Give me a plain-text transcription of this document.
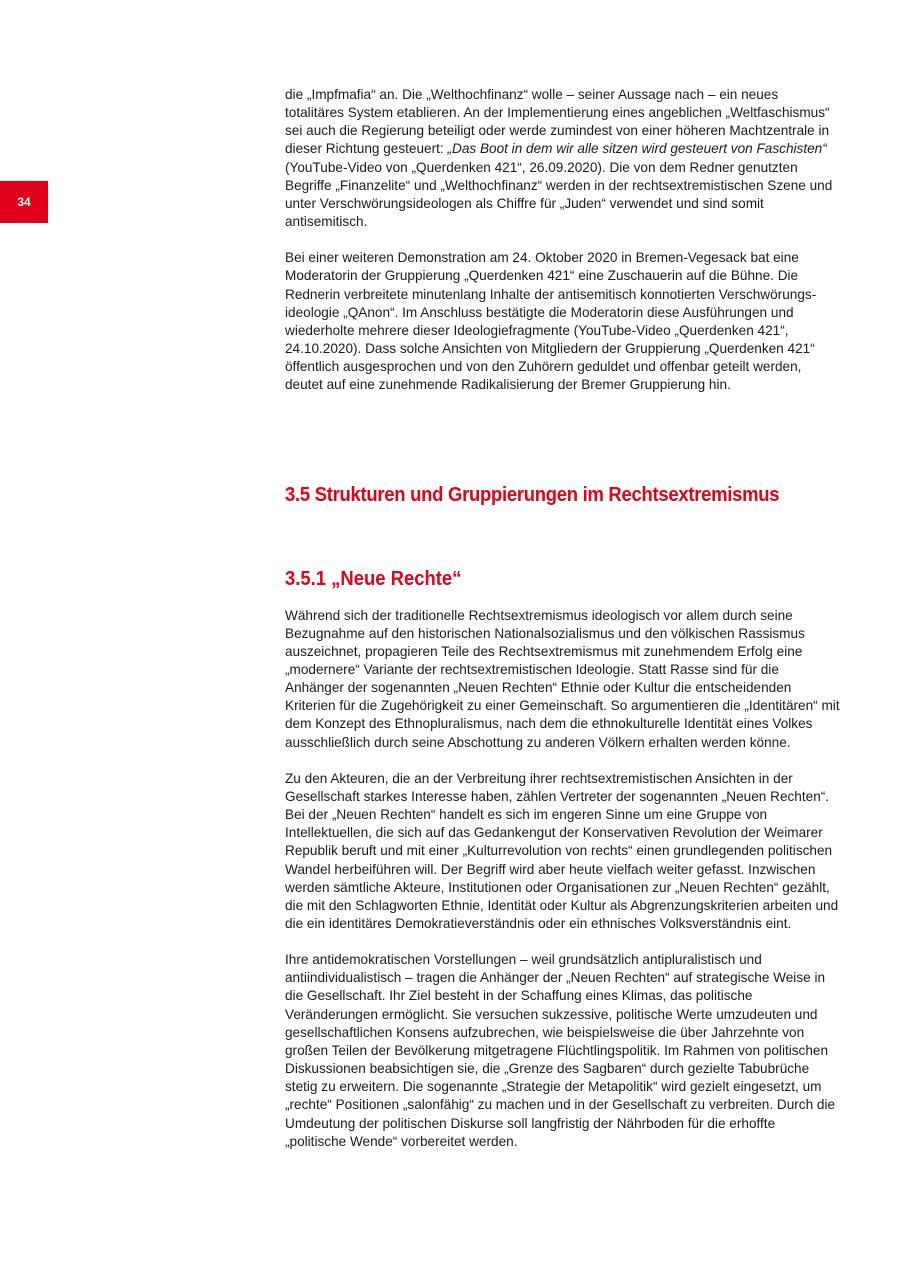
34

die „Impfmafia“ an. Die „Welthochfinanz“ wolle – seiner Aussage nach – ein neues totalitäres System etablieren. An der Implementierung eines angeblichen „Weltfaschismus“ sei auch die Regierung beteiligt oder werde zumindest von einer höheren Machtzentrale in dieser Richtung gesteuert: „Das Boot in dem wir alle sitzen wird gesteuert von Faschisten“ (YouTube-Video von „Querdenken 421“, 26.09.2020). Die von dem Redner genutzten Begriffe „Finanzelite“ und „Welthochfinanz“ werden in der rechtsextremistischen Szene und unter Verschwörungsideologen als Chiffre für „Juden“ verwendet und sind somit antisemitisch.

Bei einer weiteren Demonstration am 24. Oktober 2020 in Bremen-Vegesack bat eine Moderatorin der Gruppierung „Querdenken 421“ eine Zuschauerin auf die Bühne. Die Rednerin verbreitete minutenlang Inhalte der antisemitisch konnotierten Verschwörungsideologie „QAnon“. Im Anschluss bestätigte die Moderatorin diese Ausführungen und wiederholte mehrere dieser Ideologiefragmente (YouTube-Video „Querdenken 421“, 24.10.2020). Dass solche Ansichten von Mitgliedern der Gruppierung „Querdenken 421“ öffentlich ausgesprochen und von den Zuhörern geduldet und offenbar geteilt werden, deutet auf eine zunehmende Radikalisierung der Bremer Gruppierung hin.

3.5 Strukturen und Gruppierungen im Rechtsextremismus
3.5.1 „Neue Rechte“

Während sich der traditionelle Rechtsextremismus ideologisch vor allem durch seine Bezugnahme auf den historischen Nationalsozialismus und den völkischen Rassismus auszeichnet, propagieren Teile des Rechtsextremismus mit zunehmendem Erfolg eine „modernere“ Variante der rechtsextremistischen Ideologie. Statt Rasse sind für die Anhänger der sogenannten „Neuen Rechten“ Ethnie oder Kultur die entscheidenden Kriterien für die Zugehörigkeit zu einer Gemeinschaft. So argumentieren die „Identitären“ mit dem Konzept des Ethnopluralismus, nach dem die ethnokulturelle Identität eines Volkes ausschließlich durch seine Abschottung zu anderen Völkern erhalten werden könne.

Zu den Akteuren, die an der Verbreitung ihrer rechtsextremistischen Ansichten in der Gesellschaft starkes Interesse haben, zählen Vertreter der sogenannten „Neuen Rechten“. Bei der „Neuen Rechten“ handelt es sich im engeren Sinne um eine Gruppe von Intellektuellen, die sich auf das Gedankengut der Konservativen Revolution der Weimarer Republik beruft und mit einer „Kulturrevolution von rechts“ einen grundlegenden politischen Wandel herbeiführen will. Der Begriff wird aber heute vielfach weiter gefasst. Inzwischen werden sämtliche Akteure, Institutionen oder Organisationen zur „Neuen Rechten“ gezählt, die mit den Schlagworten Ethnie, Identität oder Kultur als Abgrenzungskriterien arbeiten und die ein identitäres Demokratieverständnis oder ein ethnisches Volksverständnis eint.

Ihre antidemokratischen Vorstellungen – weil grundsätzlich antipluralistisch und antiindividualistisch – tragen die Anhänger der „Neuen Rechten“ auf strategische Weise in die Gesellschaft. Ihr Ziel besteht in der Schaffung eines Klimas, das politische Veränderungen ermöglicht. Sie versuchen sukzessive, politische Werte umzudeuten und gesellschaftlichen Konsens aufzubrechen, wie beispielsweise die über Jahrzehnte von großen Teilen der Bevölkerung mitgetragene Flüchtlingspolitik. Im Rahmen von politischen Diskussionen beabsichtigen sie, die „Grenze des Sagbaren“ durch gezielte Tabubrüche stetig zu erweitern. Die sogenannte „Strategie der Metapolitik“ wird gezielt eingesetzt, um „rechte“ Positionen „salonfähig“ zu machen und in der Gesellschaft zu verbreiten. Durch die Umdeutung der politischen Diskurse soll langfristig der Nährboden für die erhoffte „politische Wende“ vorbereitet werden.
